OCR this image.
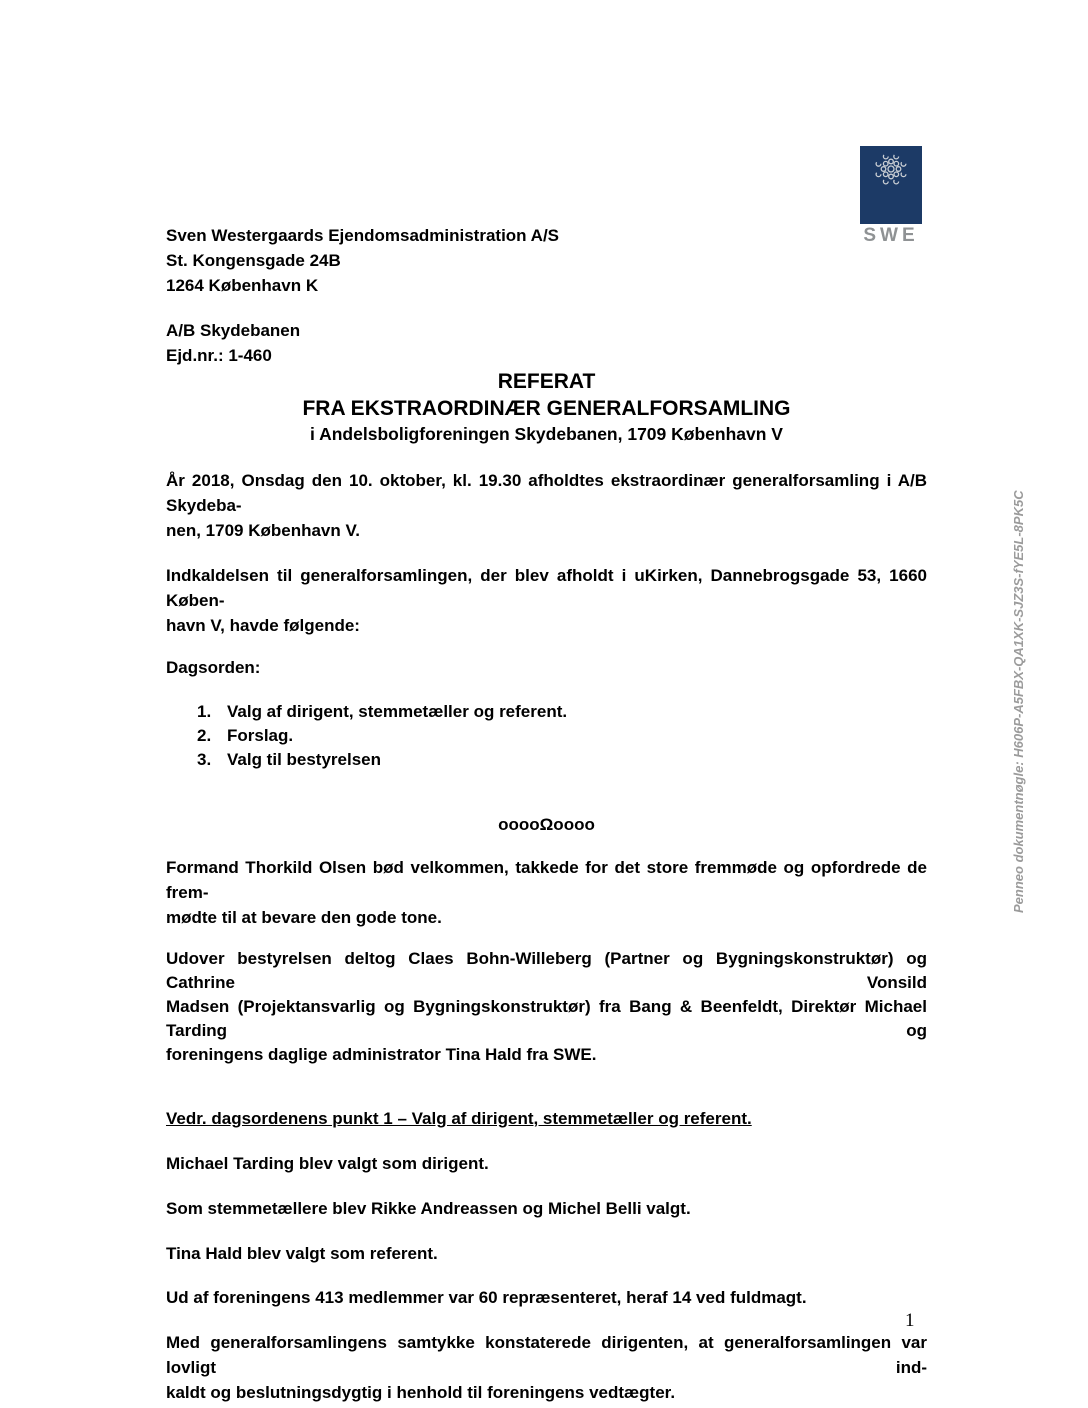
SWE
Penneo dokumentnøgle: H606P-A5FBX-QA1XK-SJZ3S-fYE5L-8PK5C
Sven Westergaards Ejendomsadministration A/S
St. Kongensgade 24B
1264 København K
A/B Skydebanen
Ejd.nr.: 1-460
REFERAT
FRA EKSTRAORDINÆR GENERALFORSAMLING
i Andelsboligforeningen Skydebanen, 1709 København V
År 2018, Onsdag den 10. oktober, kl. 19.30 afholdtes ekstraordinær generalforsamling i A/B Skydeba-
nen, 1709 København V.
Indkaldelsen til generalforsamlingen, der blev afholdt i uKirken, Dannebrogsgade 53, 1660 Køben-
havn V, havde følgende:
Dagsorden:
1. Valg af dirigent, stemmetæller og referent.
2. Forslag.
3. Valg til bestyrelsen
ooooΩoooo
Formand Thorkild Olsen bød velkommen, takkede for det store fremmøde og opfordrede de frem-
mødte til at bevare den gode tone.
Udover bestyrelsen deltog Claes Bohn-Willeberg (Partner og Bygningskonstruktør) og Cathrine Vonsild
Madsen (Projektansvarlig og Bygningskonstruktør) fra Bang & Beenfeldt, Direktør Michael Tarding og
foreningens daglige administrator Tina Hald fra SWE.
Vedr. dagsordenens punkt 1 – Valg af dirigent, stemmetæller og referent.
Michael Tarding blev valgt som dirigent.
Som stemmetællere blev Rikke Andreassen og Michel Belli valgt.
Tina Hald blev valgt som referent.
Ud af foreningens 413 medlemmer var 60 repræsenteret, heraf 14 ved fuldmagt.
Med generalforsamlingens samtykke konstaterede dirigenten, at generalforsamlingen var lovligt ind-
kaldt og beslutningsdygtig i henhold til foreningens vedtægter.
1
